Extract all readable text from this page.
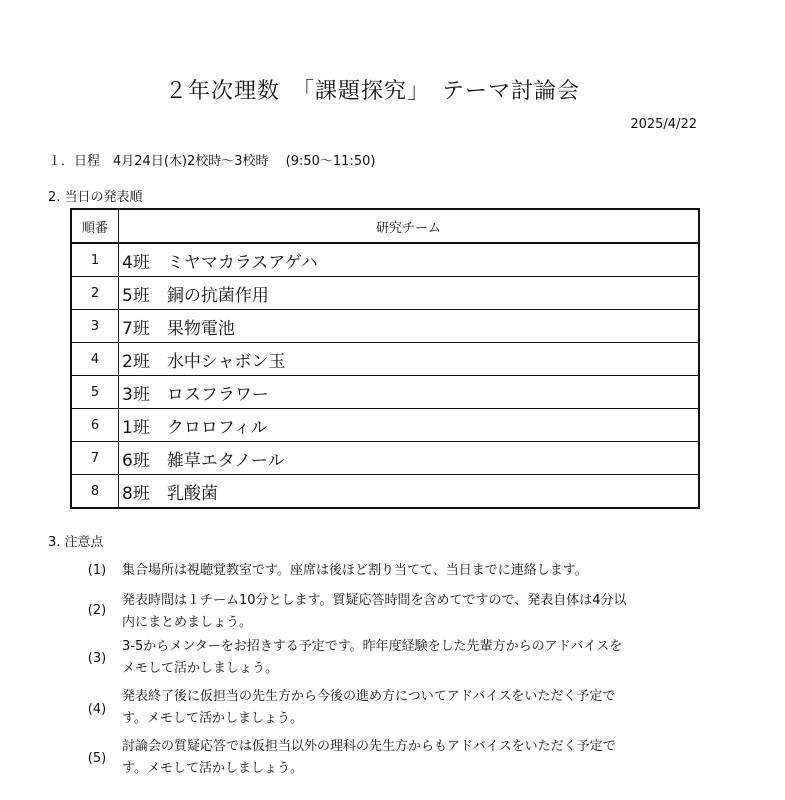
２年次理数　「課題探究」　テーマ討論会
2025/4/22
１．日程　4月24日(木)2校時～3校時　 (9:50～11:50)
2. 当日の発表順
順番	研究チーム
1	4班　ミヤマカラスアゲハ
2	5班　銅の抗菌作用
3	7班　果物電池
4	2班　水中シャボン玉
5	3班　ロスフラワー
6	1班　クロロフィル
7	6班　雑草エタノール
8	8班　乳酸菌
3. 注意点
(1) 集合場所は視聴覚教室です。座席は後ほど割り当てて、当日までに連絡します。
(2)
発表時間は１チーム10分とします。質疑応答時間を含めてですので、発表自体は4分以
内にまとめましょう。
(3)
3-5からメンターをお招きする予定です。昨年度経験をした先輩方からのアドバイスを
メモして活かしましょう。
(4)
発表終了後に仮担当の先生方から今後の進め方についてアドバイスをいただく予定で
す。メモして活かしましょう。
(5)
討論会の質疑応答では仮担当以外の理科の先生方からもアドバイスをいただく予定で
す。メモして活かしましょう。
